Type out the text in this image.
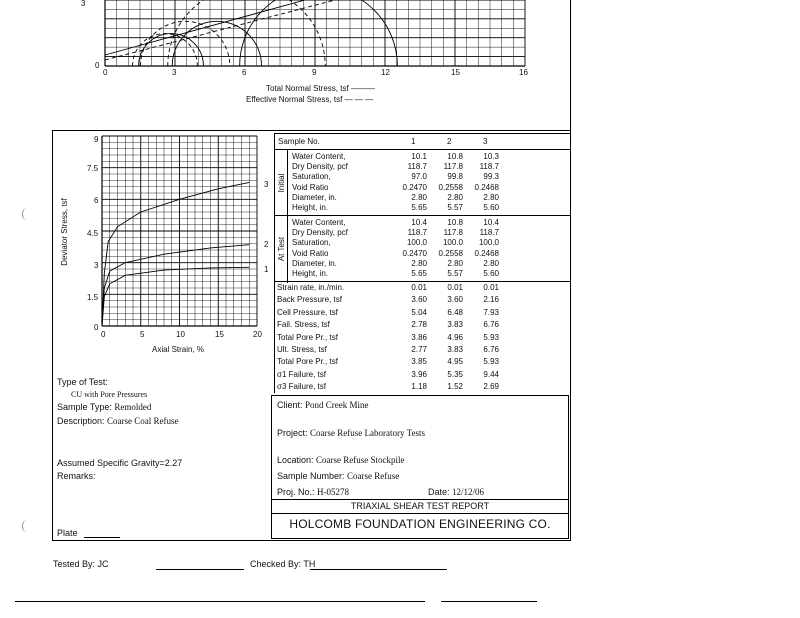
3
0
0	3	6	9	12	15	16
Total Normal Stress, tsf ———
Effective Normal Stress, tsf — — —
9
7.5
6
4.5
3
1.5
0
0	5	10	15	20
Axial Strain, %
Deviator Stress, tsf
3
2
1
Sample No.	1	2	3
Initial
At Test
Water Content,	10.1	10.8	10.3
Dry Density, pcf	118.7	117.8	118.7
Saturation,	97.0	99.8	99.3
Void Ratio	0.2470	0.2558	0.2468
Diameter, in.	2.80	2.80	2.80
Height, in.	5.65	5.57	5.60
Water Content,	10.4	10.8	10.4
Dry Density, pcf	118.7	117.8	118.7
Saturation,	100.0	100.0	100.0
Void Ratio	0.2470	0.2558	0.2468
Diameter, in.	2.80	2.80	2.80
Height, in.	5.65	5.57	5.60
Strain rate, in./min.	0.01	0.01	0.01
Back Pressure, tsf	3.60	3.60	2.16
Cell Pressure, tsf	5.04	6.48	7.93
Fail. Stress, tsf	2.78	3.83	6.76
Total Pore Pr., tsf	3.86	4.96	5.93
Ult. Stress, tsf	2.77	3.83	6.76
Total Pore Pr., tsf	3.85	4.95	5.93
σ1 Failure, tsf	3.96	5.35	9.44
σ3 Failure, tsf	1.18	1.52	2.69
Type of Test:
CU with Pore Pressures
Sample Type: Remolded
Description: Coarse Coal Refuse
Assumed Specific Gravity=2.27
Remarks:
Plate
Client: Pond Creek Mine
Project: Coarse Refuse Laboratory Tests
Location: Coarse Refuse Stockpile
Sample Number: Coarse Refuse
Proj. No.: H-05278	Date: 12/12/06
TRIAXIAL SHEAR TEST REPORT
HOLCOMB FOUNDATION ENGINEERING CO.
Tested By: JC	Checked By: TH
